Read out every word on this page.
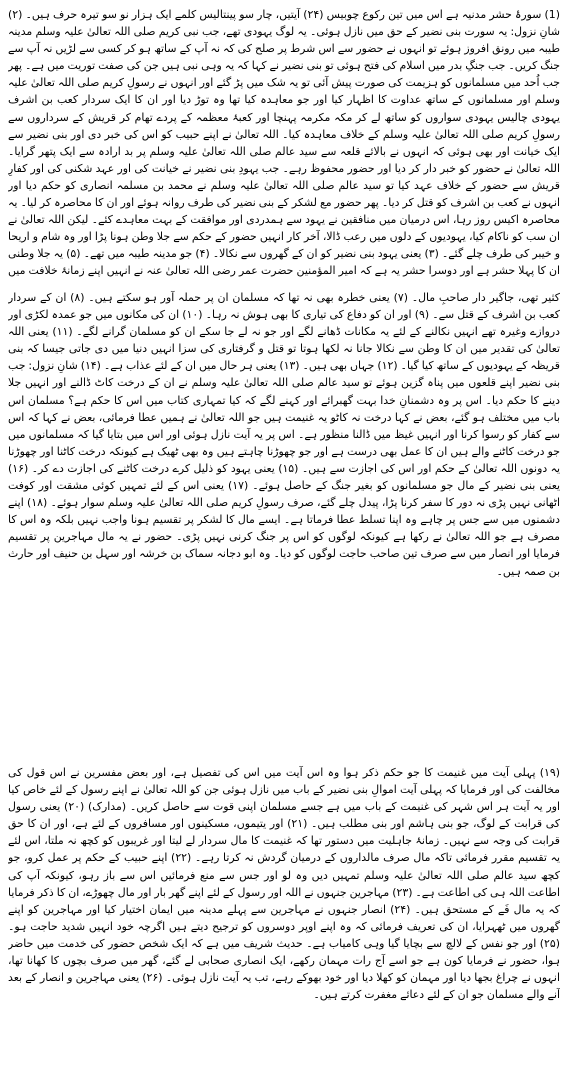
(1) سورۂ حشر مدنیہ ہے اس میں تین رکوع چوبیس (۲۴) آیتیں، چار سو پینتالیس کلمے ایک ہزار نو سو تیرہ حرف ہیں۔ (۲) شانِ نزول: یہ سورت بنی نضیر کے حق میں نازل ہوئی۔ یہ لوگ یہودی تھے، جب نبی کریم صلی اللہ تعالیٰ علیہ وسلم مدینہ طیبہ میں رونق افروز ہوئے تو انہوں نے حضور سے اس شرط پر صلح کی کہ نہ آپ کے ساتھ ہو کر کسی سے لڑیں نہ آپ سے جنگ کریں۔ جب جنگِ بدر میں اسلام کی فتح ہوئی تو بنی نضیر نے کہا کہ یہ وہی نبی ہیں جن کی صفت توریت میں ہے۔ پھر جب اُحد میں مسلمانوں کو ہزیمت کی صورت پیش آئی تو یہ شک میں پڑ گئے اور انہوں نے رسولِ کریم صلی اللہ تعالیٰ علیہ وسلم اور مسلمانوں کے ساتھ عداوت کا اظہار کیا اور جو معاہدہ کیا تھا وہ توڑ دیا اور ان کا ایک سردار کعب بن اشرف یہودی چالیس یہودی سواروں کو ساتھ لے کر مکہ مکرمہ پہنچا اور کعبۂ معظمہ کے پردے تھام کر قریش کے سرداروں سے رسولِ کریم صلی اللہ تعالیٰ علیہ وسلم کے خلاف معاہدہ کیا۔ اللہ تعالیٰ نے اپنے حبیب کو اس کی خبر دی اور بنی نضیر سے ایک خیانت اور بھی ہوئی کہ انہوں نے بالائے قلعہ سے سید عالم صلی اللہ تعالیٰ علیہ وسلم پر بد ارادہ سے ایک پتھر گرایا۔ اللہ تعالیٰ نے حضور کو خبر دار کر دیا اور حضور محفوظ رہے۔ جب یہودِ بنی نضیر نے خیانت کی اور عہد شکنی کی اور کفارِ قریش سے حضور کے خلاف عہد کیا تو سید عالم صلی اللہ تعالیٰ علیہ وسلم نے محمد بن مسلمہ انصاری کو حکم دیا اور انہوں نے کعب بن اشرف کو قتل کر دیا۔ پھر حضور مع لشکر کے بنی نضیر کی طرف روانہ ہوئے اور ان کا محاصرہ کر لیا۔ یہ محاصرہ اکیس روز رہا، اس درمیان میں منافقین نے یہود سے ہمدردی اور موافقت کے بہت معاہدے کئے۔ لیکن اللہ تعالیٰ نے ان سب کو ناکام کیا، یہودیوں کے دلوں میں رعب ڈالا، آخر کار انہیں حضور کے حکم سے جلا وطن ہونا پڑا اور وہ شام و اریحا و خیبر کی طرف چلے گئے۔ (۳) یعنی یہود بنی نضیر کو ان کے گھروں سے نکالا۔ (۴) جو مدینہ طیبہ میں تھے۔ (۵) یہ جلا وطنی ان کا پہلا حشر ہے اور دوسرا حشر یہ ہے کہ امیر المؤمنین حضرت عمر رضی اللہ تعالیٰ عنہ نے انہیں اپنے زمانۂ خلافت میں

کثیر تھی، جاگیر دار صاحبِ مال۔ (۷) یعنی خطرہ بھی نہ تھا کہ مسلمان ان پر حملہ آور ہو سکتے ہیں۔ (۸) ان کے سردار کعب بن اشرف کے قتل سے۔ (۹) اور ان کو دفاع کی تیاری کا بھی ہوش نہ رہا۔ (۱۰) ان کی مکانوں میں جو عمدہ لکڑی اور دروازے وغیرہ تھے انہیں نکالنے کے لئے یہ مکانات ڈھانے لگے اور جو نہ لے جا سکے ان کو مسلمان گرانے لگے۔ (۱۱) یعنی اللہ تعالیٰ کی تقدیر میں ان کا وطن سے نکالا جانا نہ لکھا ہوتا تو قتل و گرفتاری کی سزا انہیں دنیا میں دی جاتی جیسا کہ بنی قریظہ کے یہودیوں کے ساتھ کیا گیا۔ (۱۲) جہاں بھی ہیں۔ (۱۳) یعنی ہر حال میں ان کے لئے عذاب ہے۔ (۱۴) شانِ نزول: جب بنی نضیر اپنے قلعوں میں پناہ گزین ہوئے تو سید عالم صلی اللہ تعالیٰ علیہ وسلم نے ان کے درخت کاٹ ڈالنے اور انہیں جلا دینے کا حکم دیا۔ اس پر وہ دشمنانِ خدا بہت گھبرائے اور کہنے لگے کہ کیا تمہاری کتاب میں اس کا حکم ہے؟ مسلمان اس باب میں مختلف ہو گئے، بعض نے کہا درخت نہ کاٹو یہ غنیمت ہیں جو اللہ تعالیٰ نے ہمیں عطا فرمائی، بعض نے کہا کہ اس سے کفار کو رسوا کرنا اور انہیں غیظ میں ڈالنا منظور ہے۔ اس پر یہ آیت نازل ہوئی اور اس میں بتایا گیا کہ مسلمانوں میں جو درخت کاٹنے والے ہیں ان کا عمل بھی درست ہے اور جو چھوڑنا چاہتے ہیں وہ بھی ٹھیک ہے کیونکہ درخت کاٹنا اور چھوڑنا یہ دونوں اللہ تعالیٰ کے حکم اور اس کی اجازت سے ہیں۔ (۱۵) یعنی یہود کو ذلیل کرے درخت کاٹنے کی اجازت دے کر۔ (۱۶) یعنی بنی نضیر کے مال جو مسلمانوں کو بغیر جنگ کے حاصل ہوئے۔ (۱۷) یعنی اس کے لئے تمہیں کوئی مشقت اور کوفت اٹھانی نہیں پڑی نہ دور کا سفر کرنا پڑا، پیدل چلے گئے، صرف رسولِ کریم صلی اللہ تعالیٰ علیہ وسلم سوار ہوئے۔ (۱۸) اپنے دشمنوں میں سے جس پر چاہے وہ اپنا تسلط عطا فرماتا ہے۔ ایسے مال کا لشکر پر تقسیم ہونا واجب نہیں بلکہ وہ اس کا مصرف ہے جو اللہ تعالیٰ نے رکھا ہے کیونکہ لوگوں کو اس پر جنگ کرنی نہیں پڑی۔ حضور نے یہ مال مہاجرین پر تقسیم فرمایا اور انصار میں سے صرف تین صاحب حاجت لوگوں کو دیا۔ وہ ابو دجانہ سماک بن خرشہ اور سہل بن حنیف اور حارث بن صمہ ہیں۔

(۱۹) پہلی آیت میں غنیمت کا جو حکم ذکر ہوا وہ اس آیت میں اس کی تفصیل ہے، اور بعض مفسرین نے اس قول کی مخالفت کی اور فرمایا کہ پہلی آیت اموالِ بنی نضیر کے باب میں نازل ہوئی جن کو اللہ تعالیٰ نے اپنے رسول کے لئے خاص کیا اور یہ آیت ہر اس شہر کی غنیمت کے باب میں ہے جسے مسلمان اپنی قوت سے حاصل کریں۔ (مدارک) (۲۰) یعنی رسول کی قرابت کے لوگ، جو بنی ہاشم اور بنی مطلب ہیں۔ (۲۱) اور یتیموں، مسکینوں اور مسافروں کے لئے ہے، اور ان کا حق قرابت کی وجہ سے نہیں۔ زمانۂ جاہلیت میں دستور تھا کہ غنیمت کا مال سردار لے لیتا اور غریبوں کو کچھ نہ ملتا، اس لئے یہ تقسیم مقرر فرمائی تاکہ مال صرف مالداروں کے درمیان گردش نہ کرتا رہے۔ (۲۲) اپنے حبیب کے حکم پر عمل کرو، جو کچھ سید عالم صلی اللہ تعالیٰ علیہ وسلم تمہیں دیں وہ لو اور جس سے منع فرمائیں اس سے باز رہو، کیونکہ آپ کی اطاعت اللہ ہی کی اطاعت ہے۔ (۲۳) مہاجرین جنہوں نے اللہ اور رسول کے لئے اپنے گھر بار اور مال چھوڑے، ان کا ذکر فرمایا کہ یہ مال فَے کے مستحق ہیں۔ (۲۴) انصار جنہوں نے مہاجرین سے پہلے مدینہ میں ایمان اختیار کیا اور مہاجرین کو اپنے گھروں میں ٹھہرایا، ان کی تعریف فرمائی کہ وہ اپنے اوپر دوسروں کو ترجیح دیتے ہیں اگرچہ خود انہیں شدید حاجت ہو۔ (۲۵) اور جو نفس کے لالچ سے بچایا گیا وہی کامیاب ہے۔ حدیث شریف میں ہے کہ ایک شخص حضور کی خدمت میں حاضر ہوا، حضور نے فرمایا کون ہے جو اسے آج رات مہمان رکھے، ایک انصاری صحابی لے گئے، گھر میں صرف بچوں کا کھانا تھا، انہوں نے چراغ بجھا دیا اور مہمان کو کھلا دیا اور خود بھوکے رہے، تب یہ آیت نازل ہوئی۔ (۲۶) یعنی مہاجرین و انصار کے بعد آنے والے مسلمان جو ان کے لئے دعائے مغفرت کرتے ہیں۔
